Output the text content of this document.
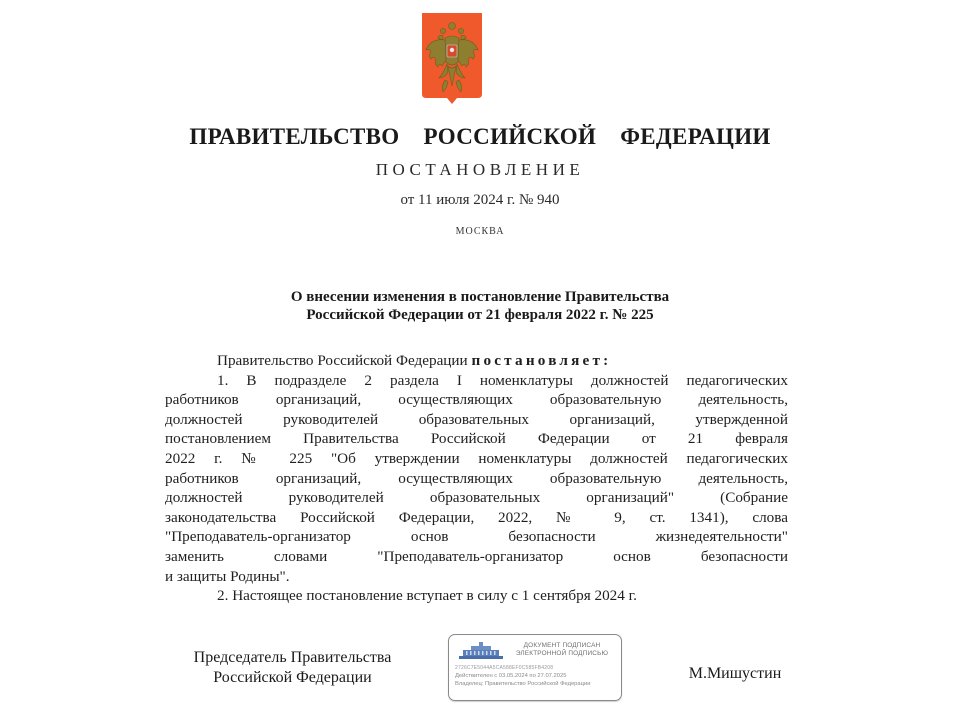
ПРАВИТЕЛЬСТВО  РОССИЙСКОЙ  ФЕДЕРАЦИИ
ПОСТАНОВЛЕНИЕ
от 11 июля 2024 г. № 940
МОСКВА
О внесении изменения в постановление Правительства
Российской Федерации от 21 февраля 2022 г. № 225

Правительство Российской Федерации постановляет:

1. В подразделе 2 раздела I номенклатуры должностей педагогических
работников организаций, осуществляющих образовательную деятельность,
должностей руководителей образовательных организаций, утвержденной
постановлением Правительства Российской Федерации от 21 февраля
2022 г. № 225 "Об утверждении номенклатуры должностей педагогических
работников организаций, осуществляющих образовательную деятельность,
должностей руководителей образовательных организаций" (Собрание
законодательства Российской Федерации, 2022, № 9, ст. 1341), слова
"Преподаватель-организатор основ безопасности жизнедеятельности"
заменить словами "Преподаватель-организатор основ безопасности
и защиты Родины".

2. Настоящее постановление вступает в силу с 1 сентября 2024 г.

Председатель Правительства
Российской Федерации	М.Мишустин
ДОКУМЕНТ ПОДПИСАН
ЭЛЕКТРОННОЙ ПОДПИСЬЮ
2726C7E5044A5CA588EF0C585FB4208
Действителен с 03.05.2024 по 27.07.2025
Владелец: Правительство Российской Федерации
